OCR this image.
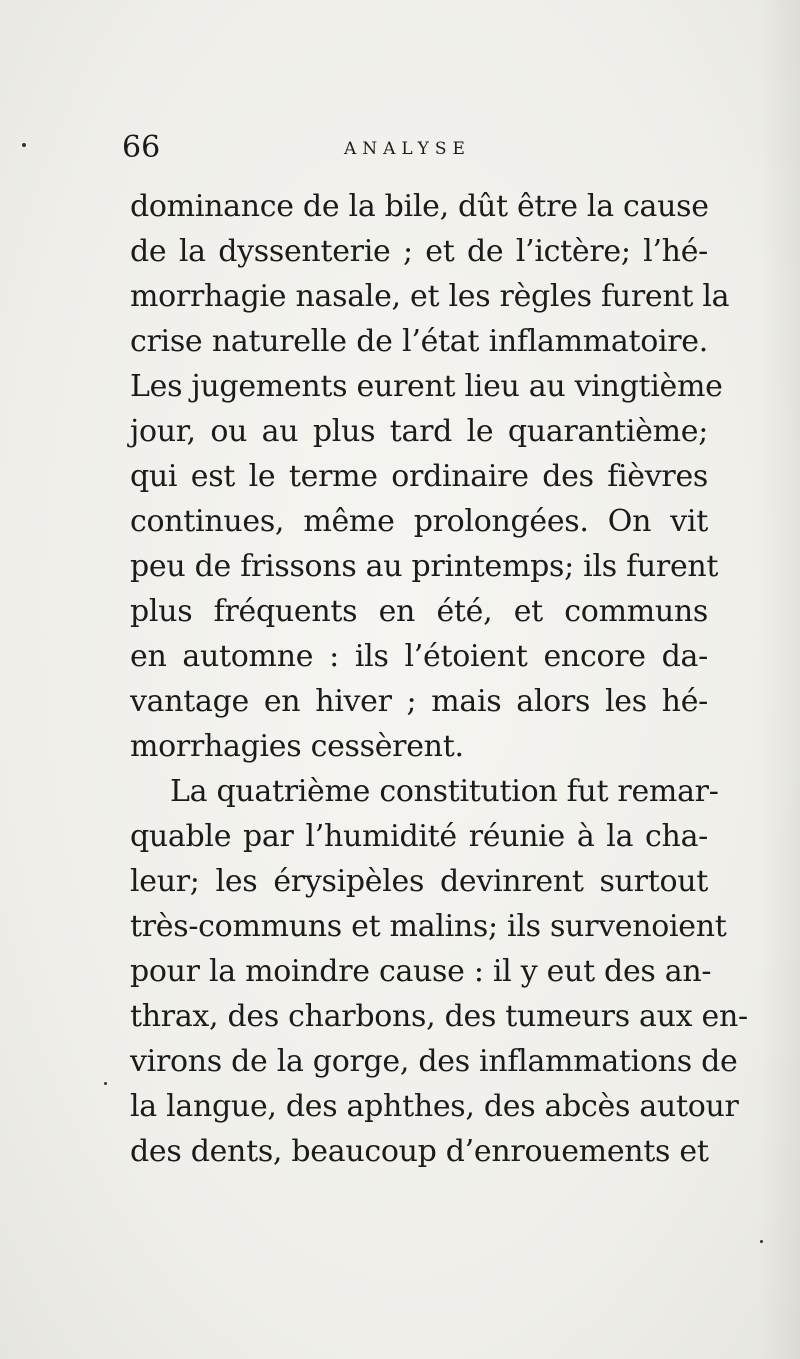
66	ANALYSE
dominance de la bile, dût être la cause
de la dyssenterie ; et de l’ictère; l’hé-
morrhagie nasale, et les règles furent la
crise naturelle de l’état inflammatoire.
Les jugements eurent lieu au vingtième
jour, ou au plus tard le quarantième;
qui est le terme ordinaire des fièvres
continues, même prolongées. On vit
peu de frissons au printemps; ils furent
plus fréquents en été, et communs
en automne : ils l’étoient encore da-
vantage en hiver ; mais alors les hé-
morrhagies cessèrent.
La quatrième constitution fut remar-
quable par l’humidité réunie à la cha-
leur; les érysipèles devinrent surtout
très-communs et malins; ils survenoient
pour la moindre cause : il y eut des an-
thrax, des charbons, des tumeurs aux en-
virons de la gorge, des inflammations de
la langue, des aphthes, des abcès autour
des dents, beaucoup d’enrouements et
